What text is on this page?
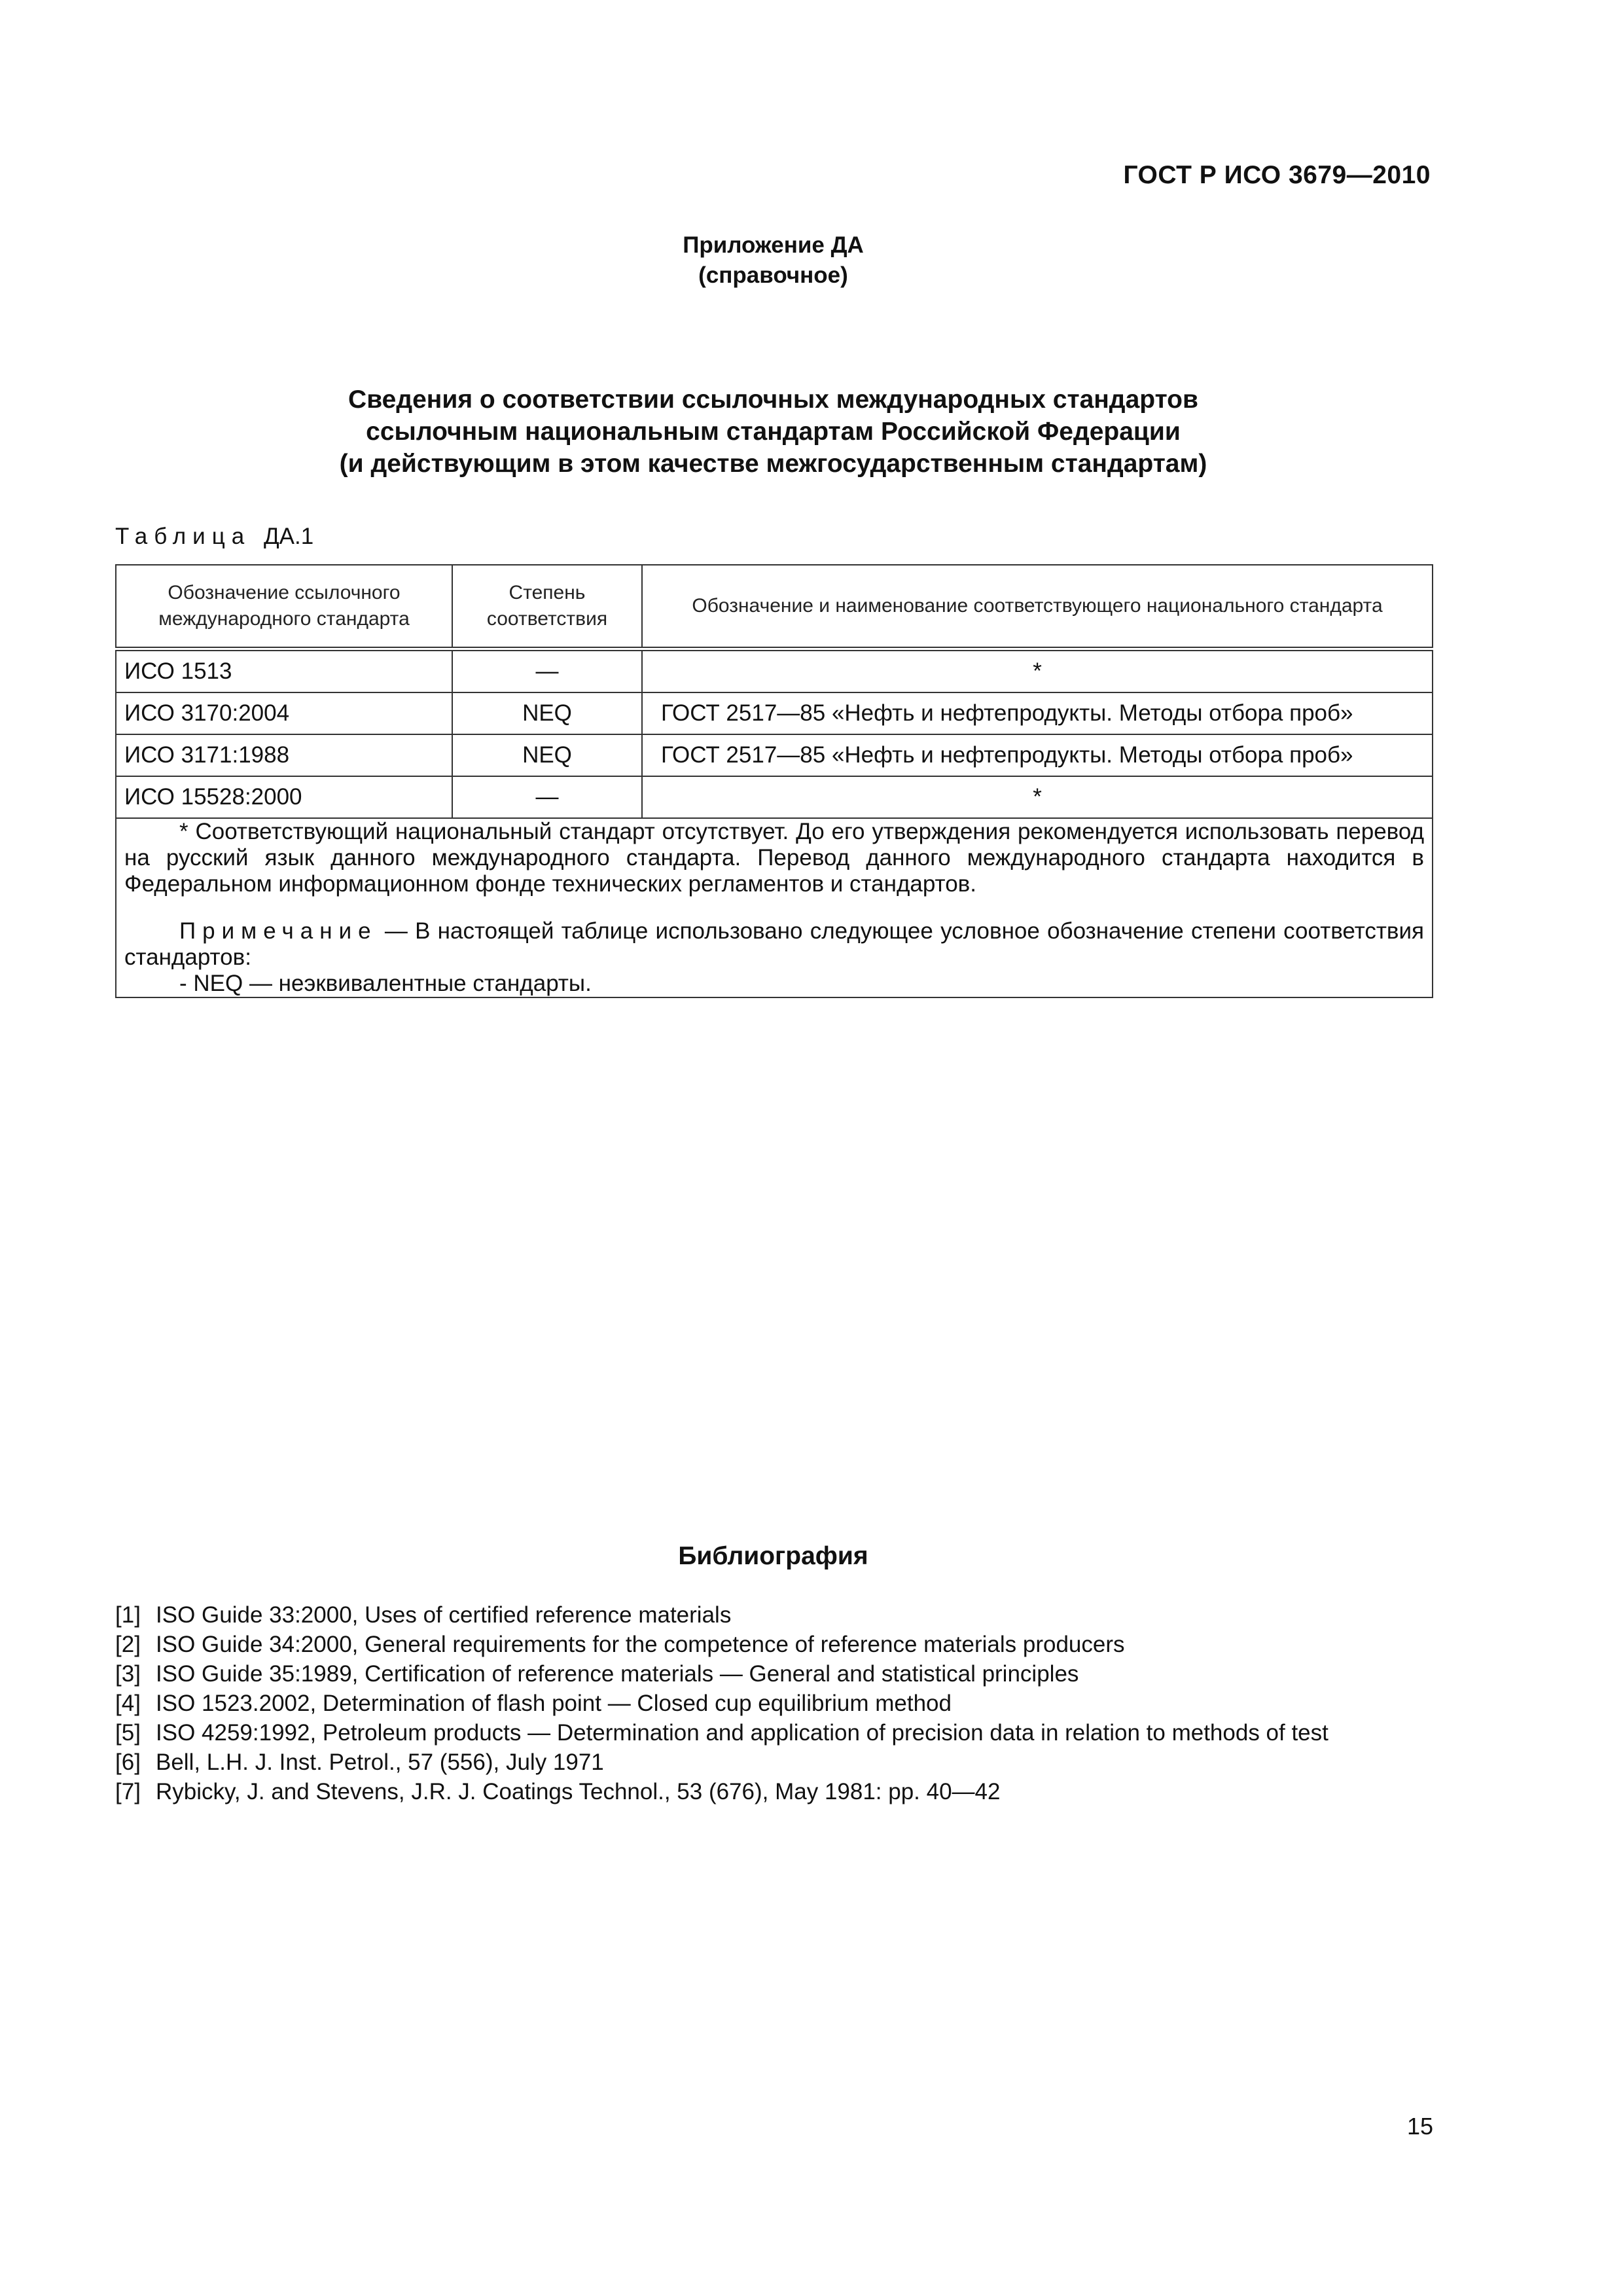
ГОСТ Р ИСО 3679—2010
Приложение ДА
(справочное)
Сведения о соответствии ссылочных международных стандартов
ссылочным национальным стандартам Российской Федерации
(и действующим в этом качестве межгосударственным стандартам)
Таблица ДА.1
Обозначение ссылочного международного стандарта	Степень соответствия	Обозначение и наименование соответствующего национального стандарта
ИСО 1513	—	*
ИСО 3170:2004	NEQ	ГОСТ 2517—85 «Нефть и нефтепродукты. Методы отбора проб»
ИСО 3171:1988	NEQ	ГОСТ 2517—85 «Нефть и нефтепродукты. Методы отбора проб»
ИСО 15528:2000	—	*

* Соответствующий национальный стандарт отсутствует. До его утверждения рекомендуется использовать перевод на русский язык данного международного стандарта. Перевод данного международного стандарта находится в Федеральном информационном фонде технических регламентов и стандартов.

Примечание — В настоящей таблице использовано следующее условное обозначение степени соответствия стандартов:

- NEQ — неэквивалентные стандарты.		

Библиография
[1] ISO Guide 33:2000, Uses of certified reference materials
[2] ISO Guide 34:2000, General requirements for the competence of reference materials producers
[3] ISO Guide 35:1989, Certification of reference materials — General and statistical principles
[4] ISO 1523.2002, Determination of flash point — Closed cup equilibrium method
[5] ISO 4259:1992, Petroleum products — Determination and application of precision data in relation to methods of test
[6] Bell, L.H. J. Inst. Petrol., 57 (556), July 1971
[7] Rybicky, J. and Stevens, J.R. J. Coatings Technol., 53 (676), May 1981: pp. 40—42
15
